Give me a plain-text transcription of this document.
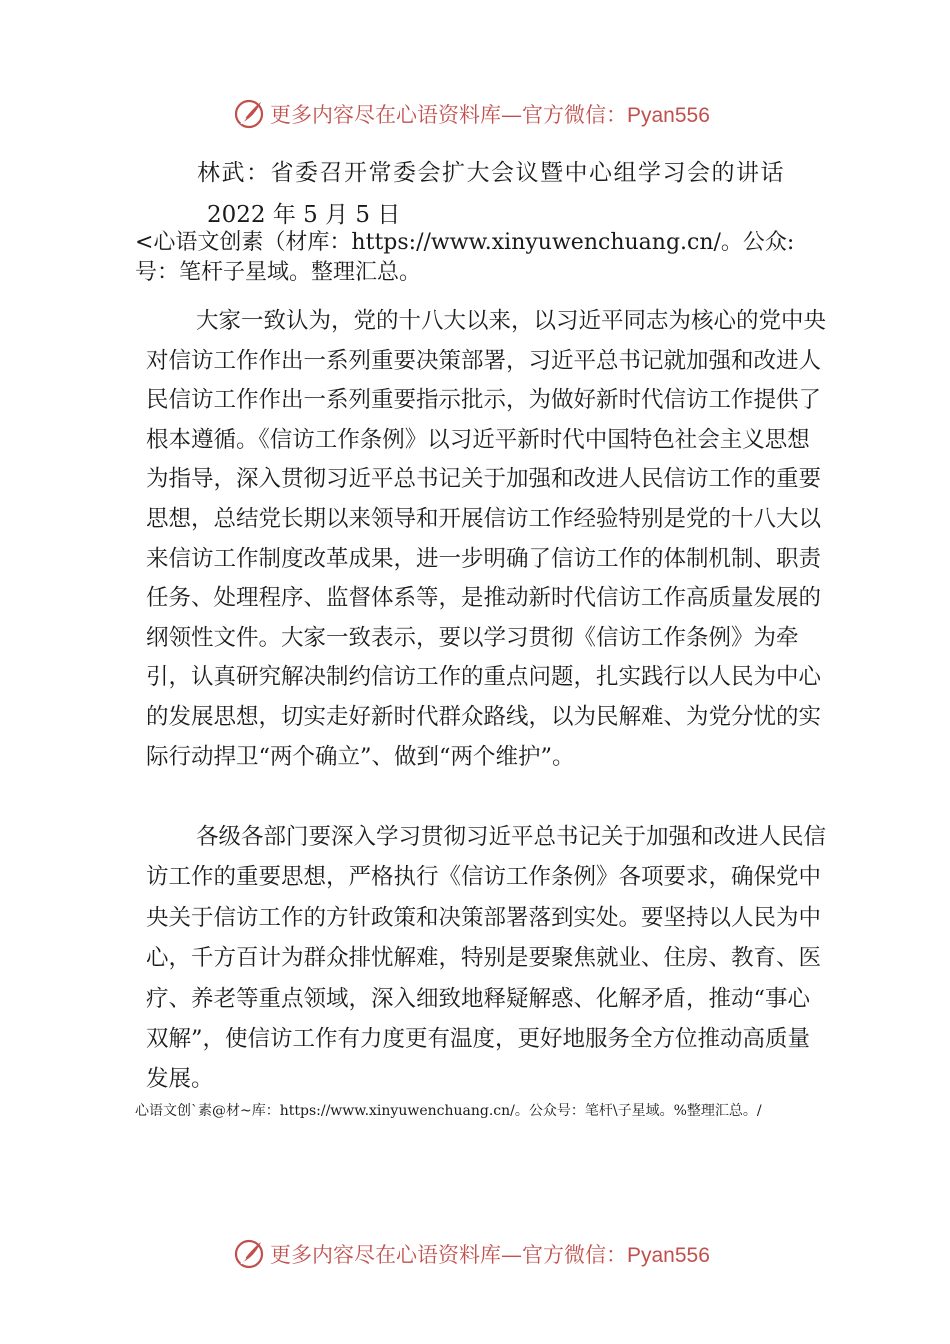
更多内容尽在心语资料库—官方微信：Pyan556
林武：省委召开常委会扩大会议暨中心组学习会的讲话
2022 年 5 月 5 日
<心语文创素（材库：https://www.xinyuwenchuang.cn/。公众:号：笔杆子星域。整理汇总。
大家一致认为，党的十八大以来，以习近平同志为核心的党中央对信访工作作出一系列重要决策部署，习近平总书记就加强和改进人民信访工作作出一系列重要指示批示，为做好新时代信访工作提供了根本遵循。《信访工作条例》以习近平新时代中国特色社会主义思想为指导，深入贯彻习近平总书记关于加强和改进人民信访工作的重要思想，总结党长期以来领导和开展信访工作经验特别是党的十八大以来信访工作制度改革成果，进一步明确了信访工作的体制机制、职责任务、处理程序、监督体系等，是推动新时代信访工作高质量发展的纲领性文件。大家一致表示，要以学习贯彻《信访工作条例》为牵引，认真研究解决制约信访工作的重点问题，扎实践行以人民为中心的发展思想，切实走好新时代群众路线，以为民解难、为党分忧的实际行动捍卫“两个确立”、做到“两个维护”。
各级各部门要深入学习贯彻习近平总书记关于加强和改进人民信访工作的重要思想，严格执行《信访工作条例》各项要求，确保党中央关于信访工作的方针政策和决策部署落到实处。要坚持以人民为中心，千方百计为群众排忧解难，特别是要聚焦就业、住房、教育、医疗、养老等重点领域，深入细致地释疑解惑、化解矛盾，推动“事心双解”，使信访工作有力度更有温度，更好地服务全方位推动高质量发展。
心语文创`素@材~库：https://www.xinyuwenchuang.cn/。公众号：笔杆\子星域。%整理汇总。/
更多内容尽在心语资料库—官方微信：Pyan556
